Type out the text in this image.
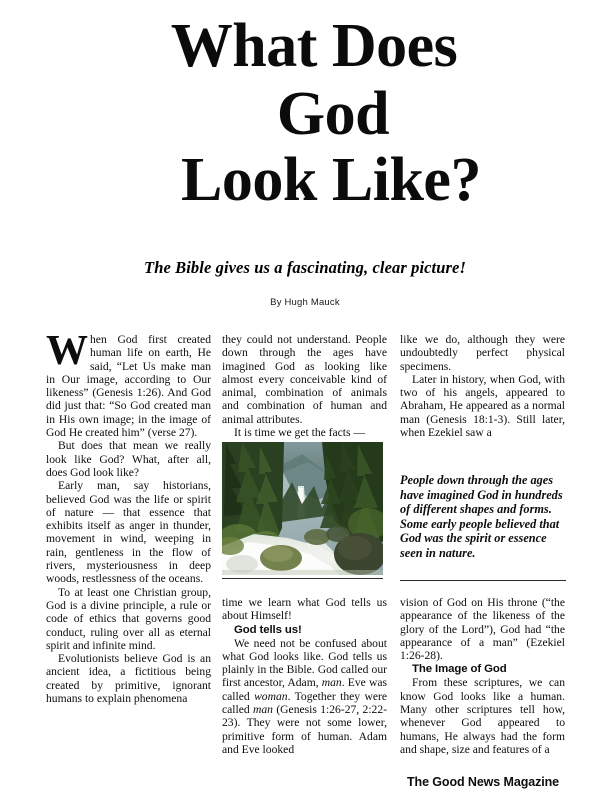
What Does
God
Look Like?
The Bible gives us a fascinating, clear picture!
By Hugh Mauck

When God first created human life on earth, He said, “Let Us make man in Our image, according to Our likeness” (Genesis 1:26). And God did just that: “So God created man in His own image; in the image of God He created him” (verse 27).

But does that mean we really look like God? What, after all, does God look like?

Early man, say historians, believed God was the life or spirit of nature — that essence that exhibits itself as anger in thunder, movement in wind, weeping in rain, gentleness in the flow of rivers, mysteriousness in deep woods, restlessness of the oceans.

To at least one Christian group, God is a divine principle, a rule or code of ethics that governs good conduct, ruling over all as eternal spirit and infinite mind.

Evolutionists believe God is an ancient idea, a fictitious being created by primitive, ignorant humans to explain phenomena

they could not understand. People down through the ages have imagined God as looking like almost every conceivable kind of animal, combination of animals and combination of human and animal attributes.

It is time we get the facts —

People down through the ages have imagined God in hundreds of different shapes and forms. Some early people believed that God was the spirit or essence seen in nature.

time we learn what God tells us about Himself!

God tells us!

We need not be confused about what God looks like. God tells us plainly in the Bible. God called our first ancestor, Adam, man. Eve was called woman. Together they were called man (Genesis 1:26-27, 2:22-23). They were not some lower, primitive form of human. Adam and Eve looked

like we do, although they were undoubtedly perfect physical specimens.

Later in history, when God, with two of his angels, appeared to Abraham, He appeared as a normal man (Genesis 18:1-3). Still later, when Ezekiel saw a

vision of God on His throne (“the appearance of the likeness of the glory of the Lord”), God had “the appearance of a man” (Ezekiel 1:26-28).

The Image of God

From these scriptures, we can know God looks like a human. Many other scriptures tell how, whenever God appeared to humans, He always had the form and shape, size and features of a

The Good News Magazine
